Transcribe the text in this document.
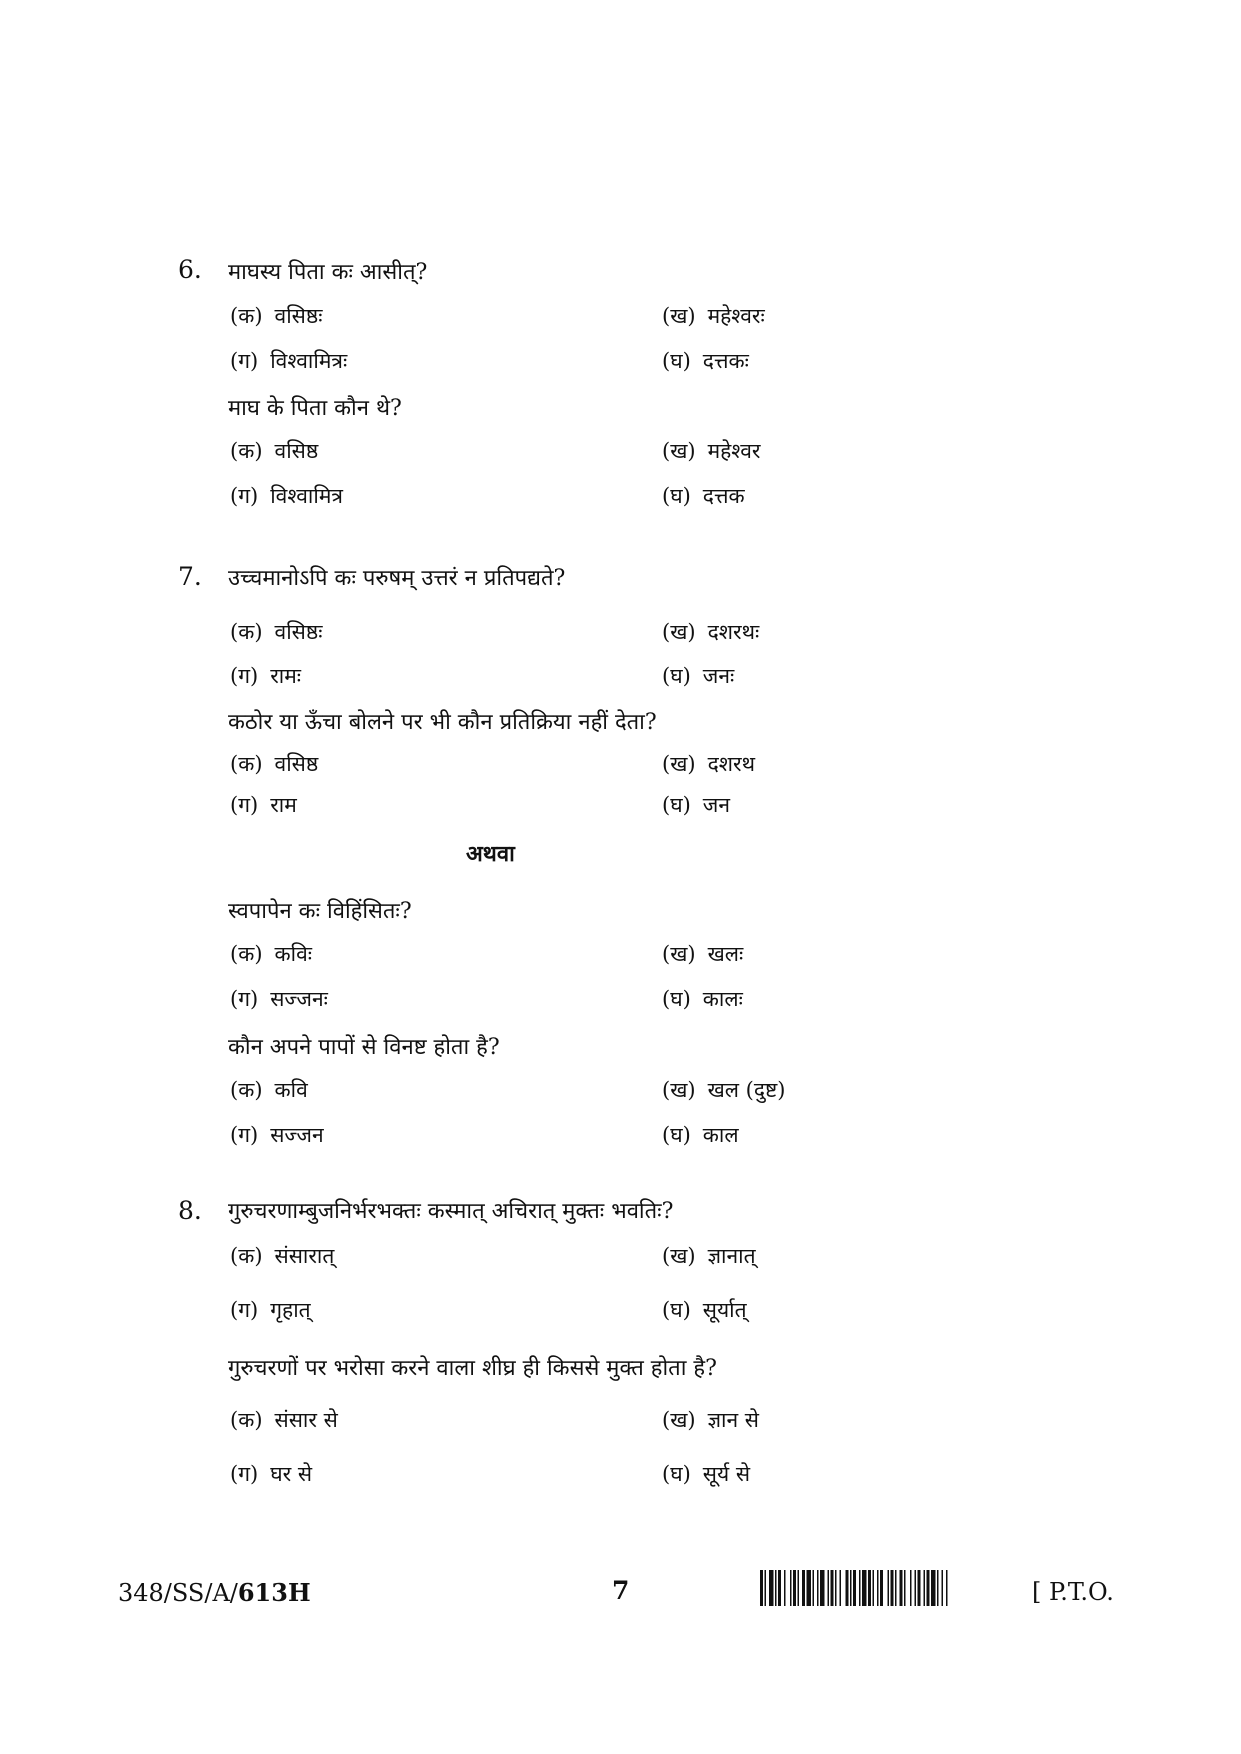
6. माघस्य पिता कः आसीत्?
(क) वसिष्ठः	(ख) महेश्वरः
(ग) विश्वामित्रः	(घ) दत्तकः
माघ के पिता कौन थे?
(क) वसिष्ठ	(ख) महेश्वर
(ग) विश्वामित्र	(घ) दत्तक
7. उच्चमानोऽपि कः परुषम् उत्तरं न प्रतिपद्यते?
(क) वसिष्ठः	(ख) दशरथः
(ग) रामः	(घ) जनः
कठोर या ऊँचा बोलने पर भी कौन प्रतिक्रिया नहीं देता?
(क) वसिष्ठ	(ख) दशरथ
(ग) राम	(घ) जन
अथवा
स्वपापेन कः विहिंसितः?
(क) कविः	(ख) खलः
(ग) सज्जनः	(घ) कालः
कौन अपने पापों से विनष्ट होता है?
(क) कवि	(ख) खल (दुष्ट)
(ग) सज्जन	(घ) काल
8. गुरुचरणाम्बुजनिर्भरभक्तः कस्मात् अचिरात् मुक्तः भवतिः?
(क) संसारात्	(ख) ज्ञानात्
(ग) गृहात्	(घ) सूर्यात्
गुरुचरणों पर भरोसा करने वाला शीघ्र ही किससे मुक्त होता है?
(क) संसार से	(ख) ज्ञान से
(ग) घर से	(घ) सूर्य से
348/SS/A/613H	7	[ P.T.O.
